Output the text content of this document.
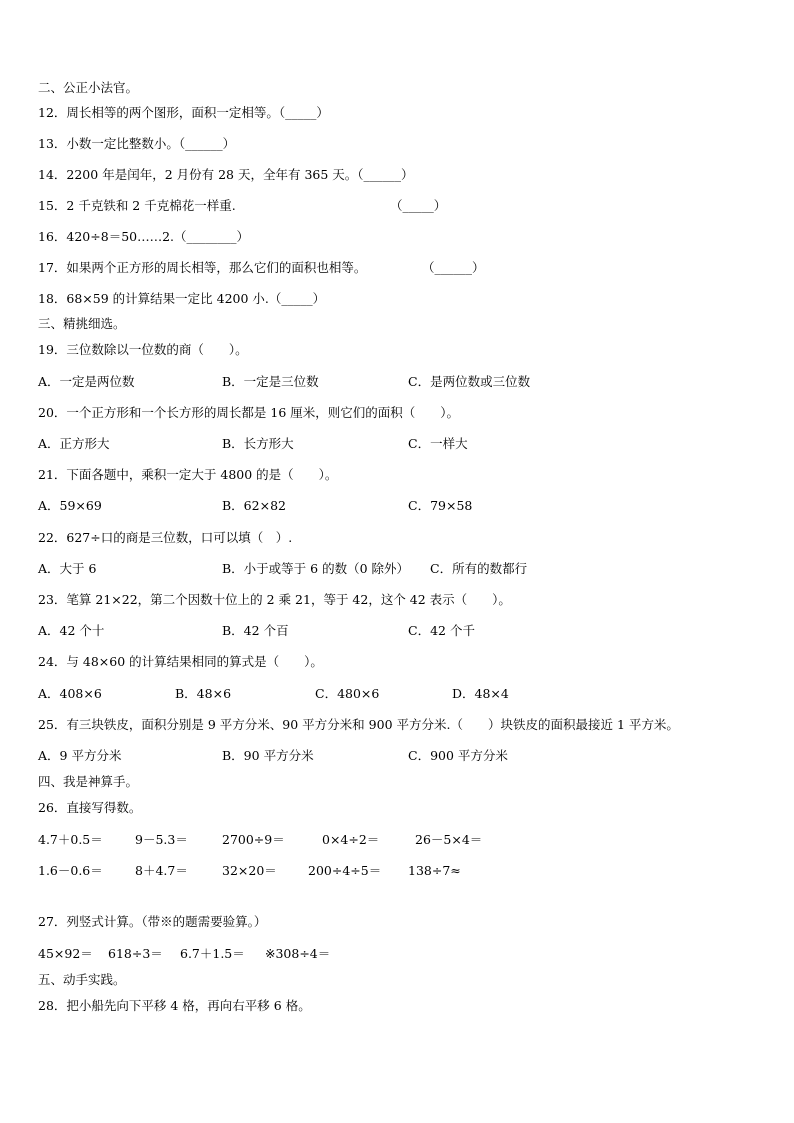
二、公正小法官。
12．周长相等的两个图形，面积一定相等。（_____）
13．小数一定比整数小。（______）
14．2200 年是闰年，2 月份有 28 天，全年有 365 天。（______）
15．2 千克铁和 2 千克棉花一样重.	（_____）
16．420÷8＝50……2.（________）
17．如果两个正方形的周长相等，那么它们的面积也相等。	（______）
18．68×59 的计算结果一定比 4200 小.（_____）
三、精挑细选。
19．三位数除以一位数的商（　　）。
A．一定是两位数	B．一定是三位数	C．是两位数或三位数
20．一个正方形和一个长方形的周长都是 16 厘米，则它们的面积（　　）。
A．正方形大	B．长方形大	C．一样大
21．下面各题中，乘积一定大于 4800 的是（　　）。
A．59×69	B．62×82	C．79×58
22．627÷口的商是三位数，口可以填（　）.
A．大于 6	B．小于或等于 6 的数（0 除外） C．所有的数都行
23．笔算 21×22，第二个因数十位上的 2 乘 21，等于 42，这个 42 表示（　　）。
A．42 个十	B．42 个百	C．42 个千
24．与 48×60 的计算结果相同的算式是（　　）。
A．408×6	B．48×6	C．480×6	D．48×4
25．有三块铁皮，面积分别是 9 平方分米、90 平方分米和 900 平方分米.（　　）块铁皮的面积最接近 1 平方米。
A．9 平方分米	B．90 平方分米	C．900 平方分米
四、我是神算手。
26．直接写得数。
4.7＋0.5＝	9－5.3＝	2700÷9＝	0×4÷2＝	26－5×4＝
1.6－0.6＝	8＋4.7＝	32×20＝ 200÷4÷5＝ 138÷7≈
27．列竖式计算。（带※的题需要验算。）
45×92＝ 618÷3＝ 6.7＋1.5＝ ※308÷4＝
五、动手实践。
28．把小船先向下平移 4 格，再向右平移 6 格。
